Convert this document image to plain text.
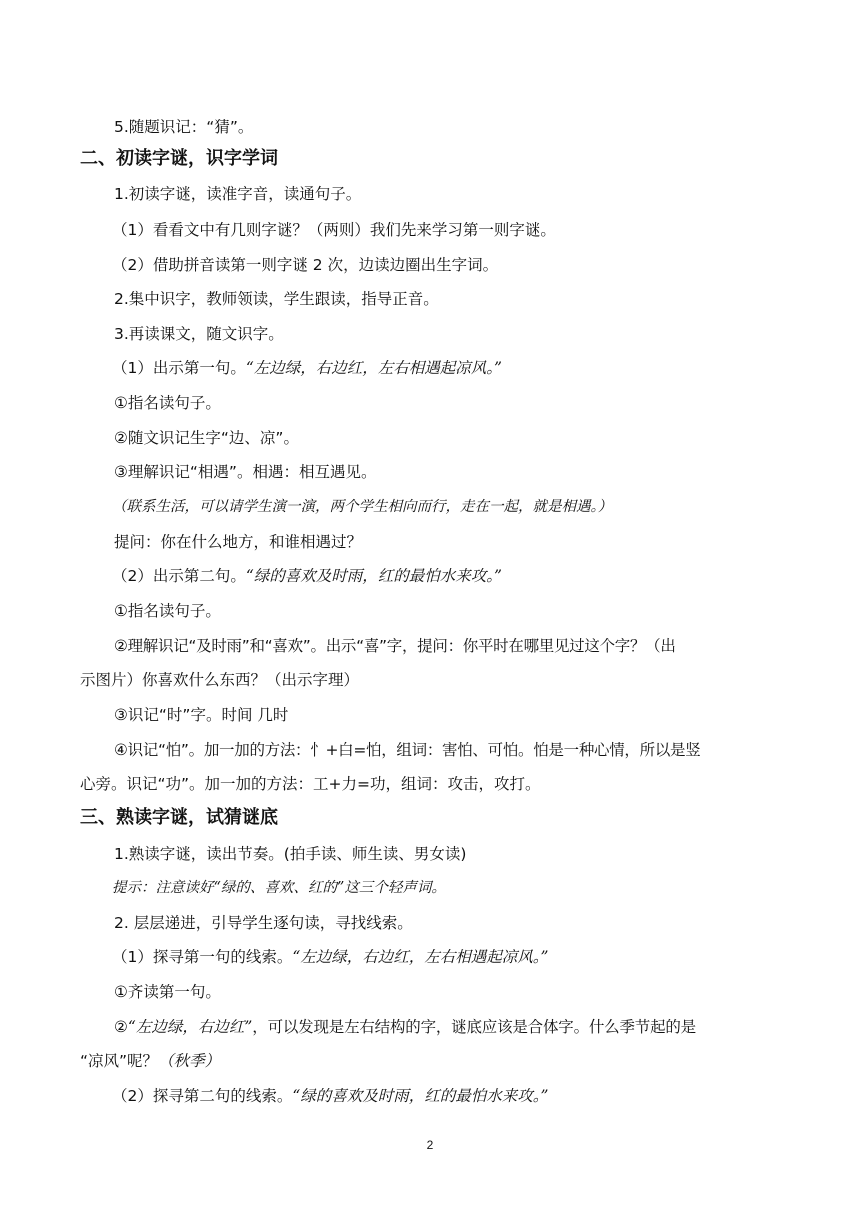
5.随题识记：“猜”。
二、初读字谜，识字学词
1.初读字谜，读准字音，读通句子。
（1）看看文中有几则字谜？（两则）我们先来学习第一则字谜。
（2）借助拼音读第一则字谜 2 次，边读边圈出生字词。
2.集中识字，教师领读，学生跟读，指导正音。
3.再读课文，随文识字。
（1）出示第一句。“左边绿，右边红，左右相遇起凉风。”
①指名读句子。
②随文识记生字“边、凉”。
③理解识记“相遇”。相遇：相互遇见。
（联系生活，可以请学生演一演，两个学生相向而行，走在一起，就是相遇。）
提问：你在什么地方，和谁相遇过？
（2）出示第二句。“绿的喜欢及时雨，红的最怕水来攻。”
①指名读句子。
②理解识记“及时雨”和“喜欢”。出示“喜”字，提问：你平时在哪里见过这个字？（出
示图片）你喜欢什么东西？（出示字理）
③识记“时”字。时间 几时
④识记“怕”。加一加的方法：忄+白=怕，组词：害怕、可怕。怕是一种心情，所以是竖
心旁。识记“功”。加一加的方法：工+力=功，组词：攻击，攻打。
三、熟读字谜，试猜谜底
1.熟读字谜，读出节奏。(拍手读、师生读、男女读)
提示：注意读好“绿的、喜欢、红的”这三个轻声词。
2. 层层递进，引导学生逐句读，寻找线索。
（1）探寻第一句的线索。“左边绿，右边红，左右相遇起凉风。”
①齐读第一句。
②“左边绿，右边红”，可以发现是左右结构的字，谜底应该是合体字。什么季节起的是
“凉风”呢？（秋季）
（2）探寻第二句的线索。“绿的喜欢及时雨，红的最怕水来攻。”
2
